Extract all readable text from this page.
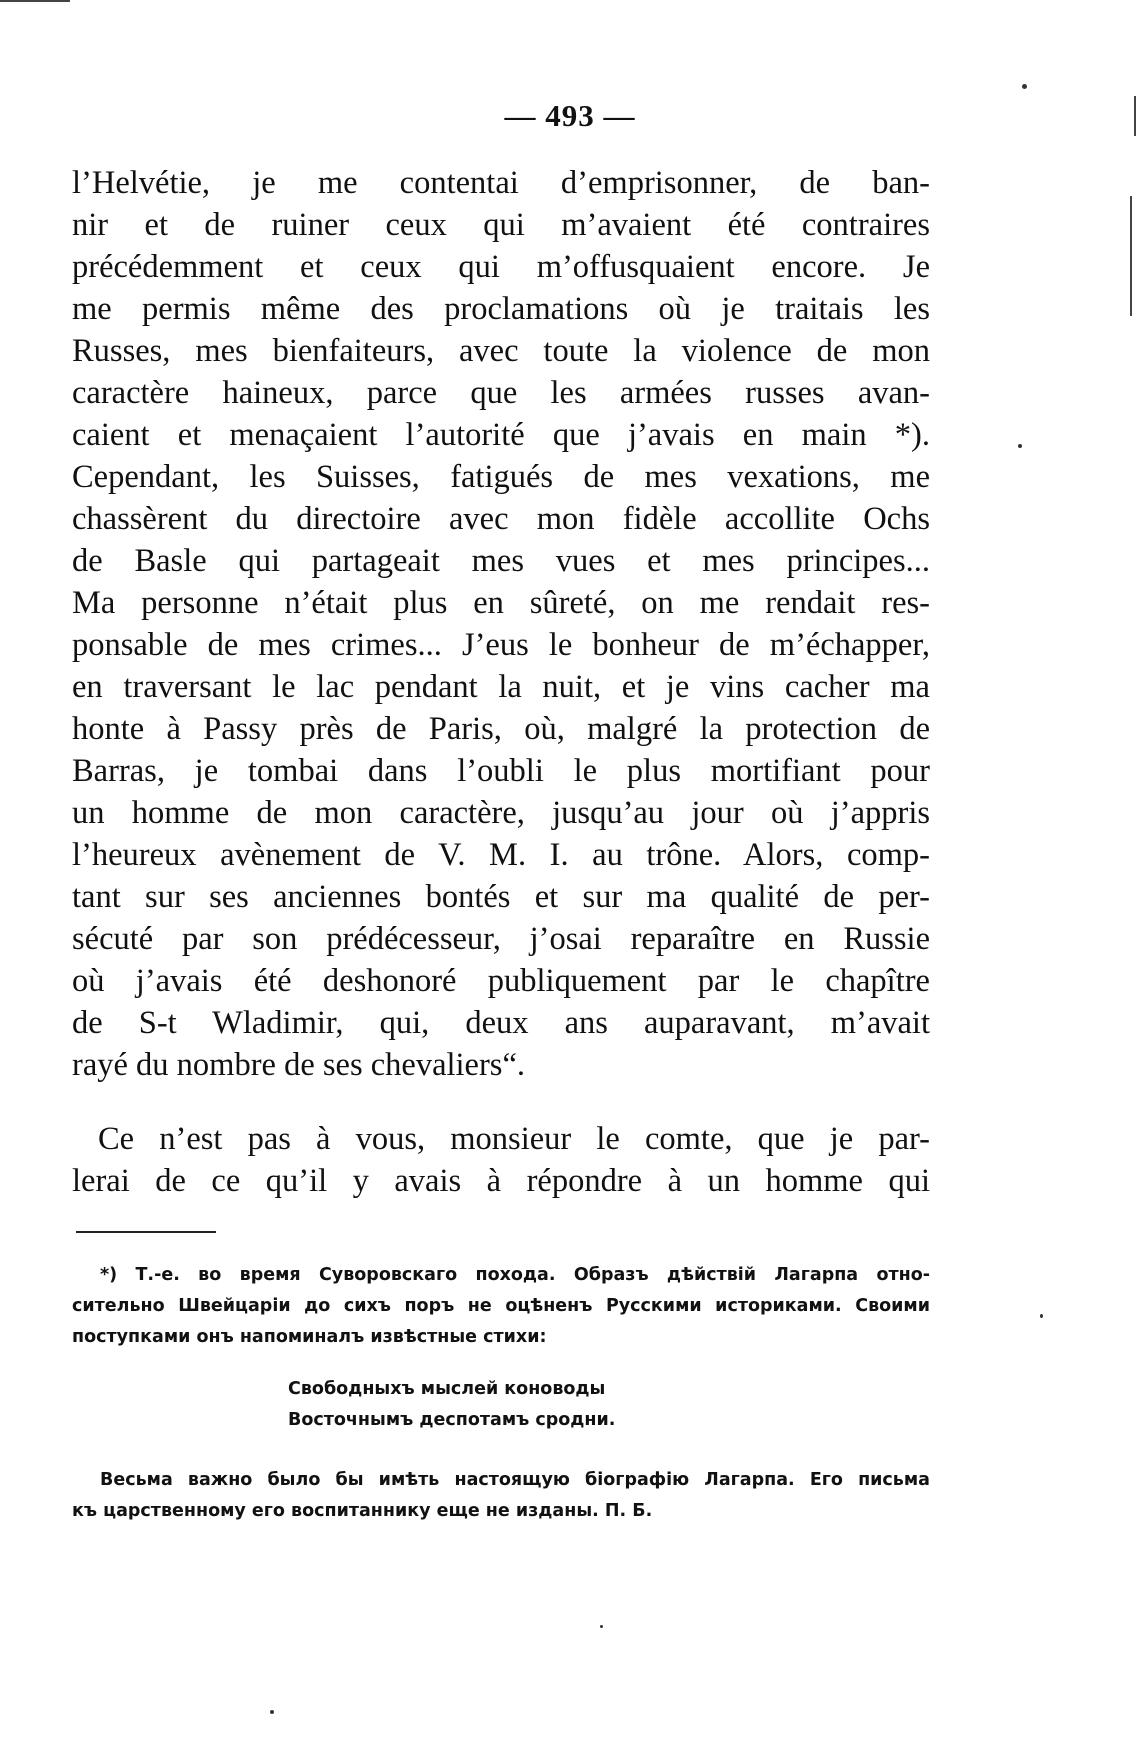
— 493 —
l’Helvétie, je me contentai d’emprisonner, de ban-
nir et de ruiner ceux qui m’avaient été contraires
précédemment et ceux qui m’offusquaient encore. Je
me permis même des proclamations où je traitais les
Russes, mes bienfaiteurs, avec toute la violence de mon
caractère haineux, parce que les armées russes avan-
caient et menaçaient l’autorité que j’avais en main *).
Cependant, les Suisses, fatigués de mes vexations, me
chassèrent du directoire avec mon fidèle accollite Ochs
de Basle qui partageait mes vues et mes principes...
Ma personne n’était plus en sûreté, on me rendait res-
ponsable de mes crimes... J’eus le bonheur de m’échapper,
en traversant le lac pendant la nuit, et je vins cacher ma
honte à Passy près de Paris, où, malgré la protection de
Barras, je tombai dans l’oubli le plus mortifiant pour
un homme de mon caractère, jusqu’au jour où j’appris
l’heureux avènement de V. M. I. au trône. Alors, comp-
tant sur ses anciennes bontés et sur ma qualité de per-
sécuté par son prédécesseur, j’osai reparaître en Russie
où j’avais été deshonoré publiquement par le chapître
de S-t Wladimir, qui, deux ans auparavant, m’avait
rayé du nombre de ses chevaliers“.
Ce n’est pas à vous, monsieur le comte, que je par-
lerai de ce qu’il y avais à répondre à un homme qui
*) Т.-е. во время Суворовскаго похода. Образъ дѣйствій Лагарпа отно-
сительно Швейцаріи до сихъ поръ не оцѣненъ Русскими историками. Своими
поступками онъ напоминалъ извѣстные стихи:
Свободныхъ мыслей коноводы
Восточнымъ деспотамъ сродни.
Весьма важно было бы имѣть настоящую біографію Лагарпа. Его письма
къ царственному его воспитаннику еще не изданы. П. Б.
